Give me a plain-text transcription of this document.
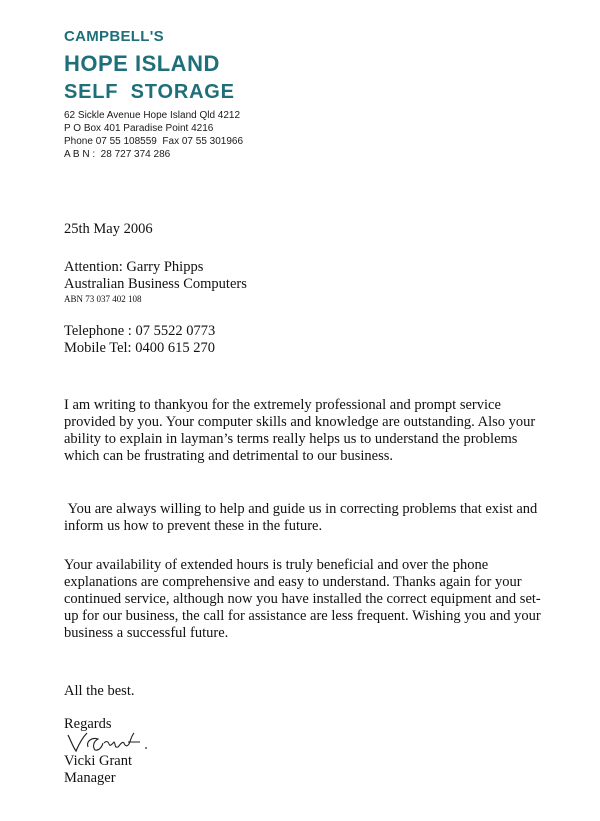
CAMPBELL'S
HOPE ISLAND
SELF STORAGE
62 Sickle Avenue Hope Island Qld 4212
P O Box 401 Paradise Point 4216
Phone 07 55 108559  Fax 07 55 301966
A B N :  28 727 374 286
25th May 2006
Attention: Garry Phipps
Australian Business Computers
ABN 73 037 402 108
Telephone : 07 5522 0773
Mobile Tel: 0400 615 270
I am writing to thankyou for the extremely professional and prompt service provided by you. Your computer skills and knowledge are outstanding. Also your ability to explain in layman’s terms really helps us to understand the problems which can be frustrating and detrimental to our business.
You are always willing to help and guide us in correcting problems that exist and inform us how to prevent these in the future.
Your availability of extended hours is truly beneficial and over the phone explanations are comprehensive and easy to understand. Thanks again for your continued service, although now you have installed the correct equipment and set-up for our business, the call for assistance are less frequent. Wishing you and your business a successful future.
All the best.
Regards
Vicki Grant
Manager
